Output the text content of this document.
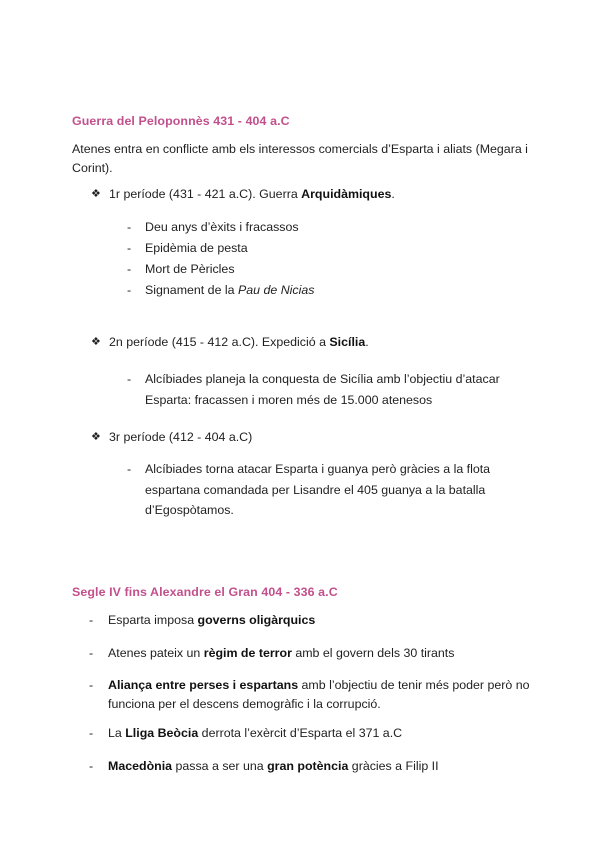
Guerra del Peloponnès 431 - 404 a.C
Atenes entra en conflicte amb els interessos comercials d’Esparta i aliats (Megara i Corint).
❖ 1r període (431 - 421 a.C). Guerra Arquidàmiques.
- Deu anys d’èxits i fracassos
- Epidèmia de pesta
- Mort de Pèricles
- Signament de la Pau de Nicias
❖ 2n període (415 - 412 a.C). Expedició a Sicília.
- Alcíbiades planeja la conquesta de Sicília amb l’objectiu d’atacar Esparta: fracassen i moren més de 15.000 atenesos
❖ 3r període (412 - 404 a.C)
- Alcíbiades torna atacar Esparta i guanya però gràcies a la flota espartana comandada per Lisandre el 405 guanya a la batalla d’Egospòtamos.
Segle IV fins Alexandre el Gran 404 - 336 a.C
- Esparta imposa governs oligàrquics
- Atenes pateix un règim de terror amb el govern dels 30 tirants
- Aliança entre perses i espartans amb l’objectiu de tenir més poder però no funciona per el descens demogràfic i la corrupció.
- La Lliga Beòcia derrota l’exèrcit d’Esparta el 371 a.C
- Macedònia passa a ser una gran potència gràcies a Filip II
